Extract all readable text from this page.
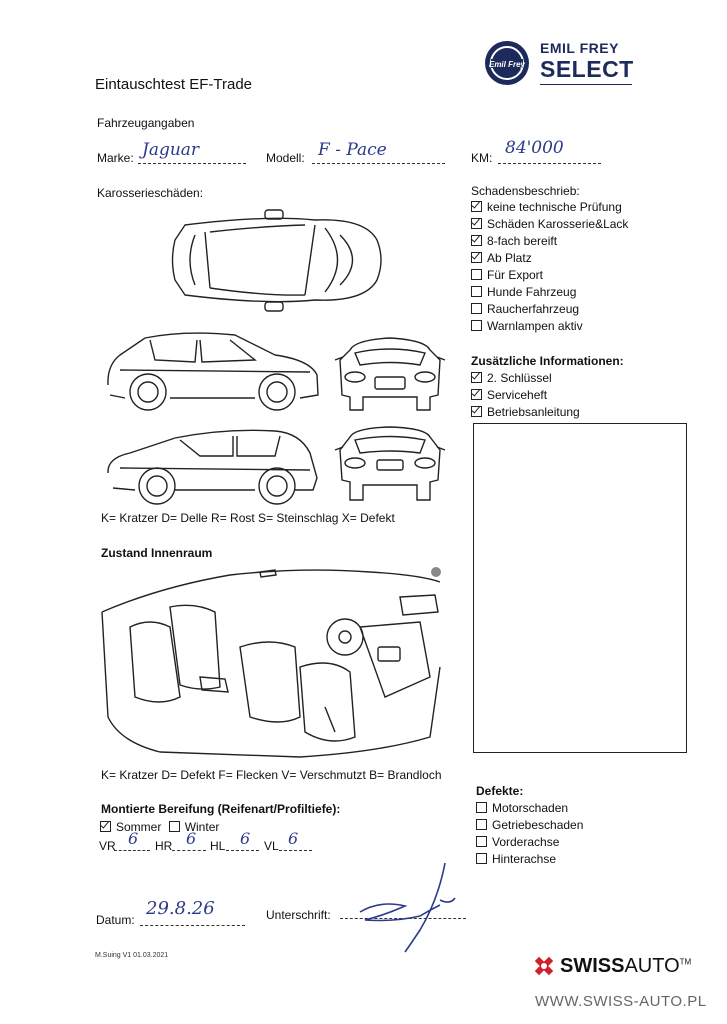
Eintauschtest EF-Trade
Emil Frey
EMIL FREY
SELECT
Fahrzeugangaben
Marke: Jaguar	Modell: F - Pace	KM: 84'000
Karosserieschäden:
K= Kratzer D= Delle R= Rost S= Steinschlag X= Defekt
Schadensbeschrieb:
keine technische Prüfung
Schäden Karosserie&Lack
8-fach bereift
Ab Platz
Für Export
Hunde Fahrzeug
Raucherfahrzeug
Warnlampen aktiv
Zusätzliche Informationen:
2. Schlüssel
Serviceheft
Betriebsanleitung
Zustand Innenraum
K= Kratzer D= Defekt F= Flecken V= Verschmutzt B= Brandloch
Montierte Bereifung (Reifenart/Profiltiefe):
Sommer Winter
VR 6 HR 6 HL 6 VL 6
Defekte:
Motorschaden
Getriebeschaden
Vorderachse
Hinterachse
Datum:
29.8.26	Unterschrift:
M.Suing V1 01.03.2021	SWISSAUTO™
WWW.SWISS-AUTO.PL
